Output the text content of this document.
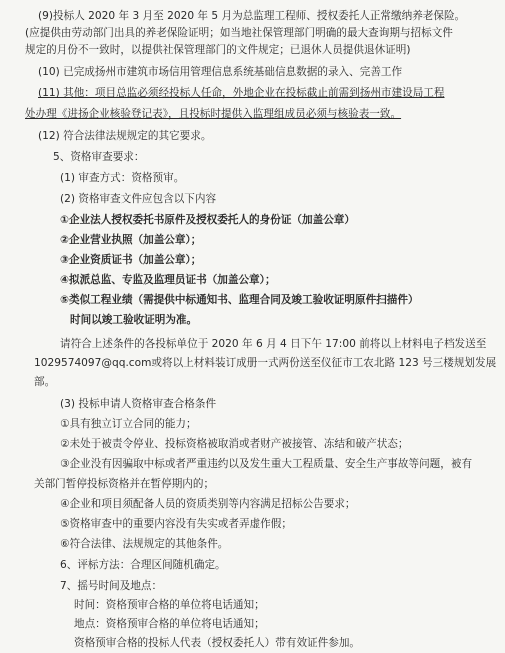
(9)投标人 2020 年 3 月至 2020 年 5 月为总监理工程师、授权委托人正常缴纳养老保险。
(应提供由劳动部门出具的养老保险证明；如当地社保管理部门明确的最大查询期与招标文件
规定的月份不一致时，以提供社保管理部门的文件规定；已退休人员提供退休证明)
(10) 已完成扬州市建筑市场信用管理信息系统基础信息数据的录入、完善工作
(11) 其他：项目总监必须经投标人任命，外地企业在投标截止前需到扬州市建设局工程
处办理《进扬企业核验登记表》，且投标时提供入监理组成员必须与核验表一致。
(12) 符合法律法规规定的其它要求。
5、资格审查要求：
(1) 审查方式：资格预审。
(2) 资格审查文件应包含以下内容
①企业法人授权委托书原件及授权委托人的身份证（加盖公章）
②企业营业执照（加盖公章）；
③企业资质证书（加盖公章）；
④拟派总监、专监及监理员证书（加盖公章）；
⑤类似工程业绩（需提供中标通知书、监理合同及竣工验收证明原件扫描件）
时间以竣工验收证明为准。
请符合上述条件的各投标单位于 2020 年 6 月 4 日下午 17:00 前将以上材料电子档发送至
1029574097@qq.com或将以上材料装订成册一式两份送至仪征市工农北路 123 号三楼规划发展
部。
(3) 投标申请人资格审查合格条件
①具有独立订立合同的能力；
②未处于被责令停业、投标资格被取消或者财产被接管、冻结和破产状态；
③企业没有因骗取中标或者严重违约以及发生重大工程质量、安全生产事故等问题，被有
关部门暂停投标资格并在暂停期内的；
④企业和项目须配备人员的资质类别等内容满足招标公告要求；
⑤资格审查中的重要内容没有失实或者弄虚作假；
⑥符合法律、法规规定的其他条件。
6、评标方法：合理区间随机确定。
7、摇号时间及地点：
时间：资格预审合格的单位将电话通知；
地点：资格预审合格的单位将电话通知；
资格预审合格的投标人代表（授权委托人）带有效证件参加。
